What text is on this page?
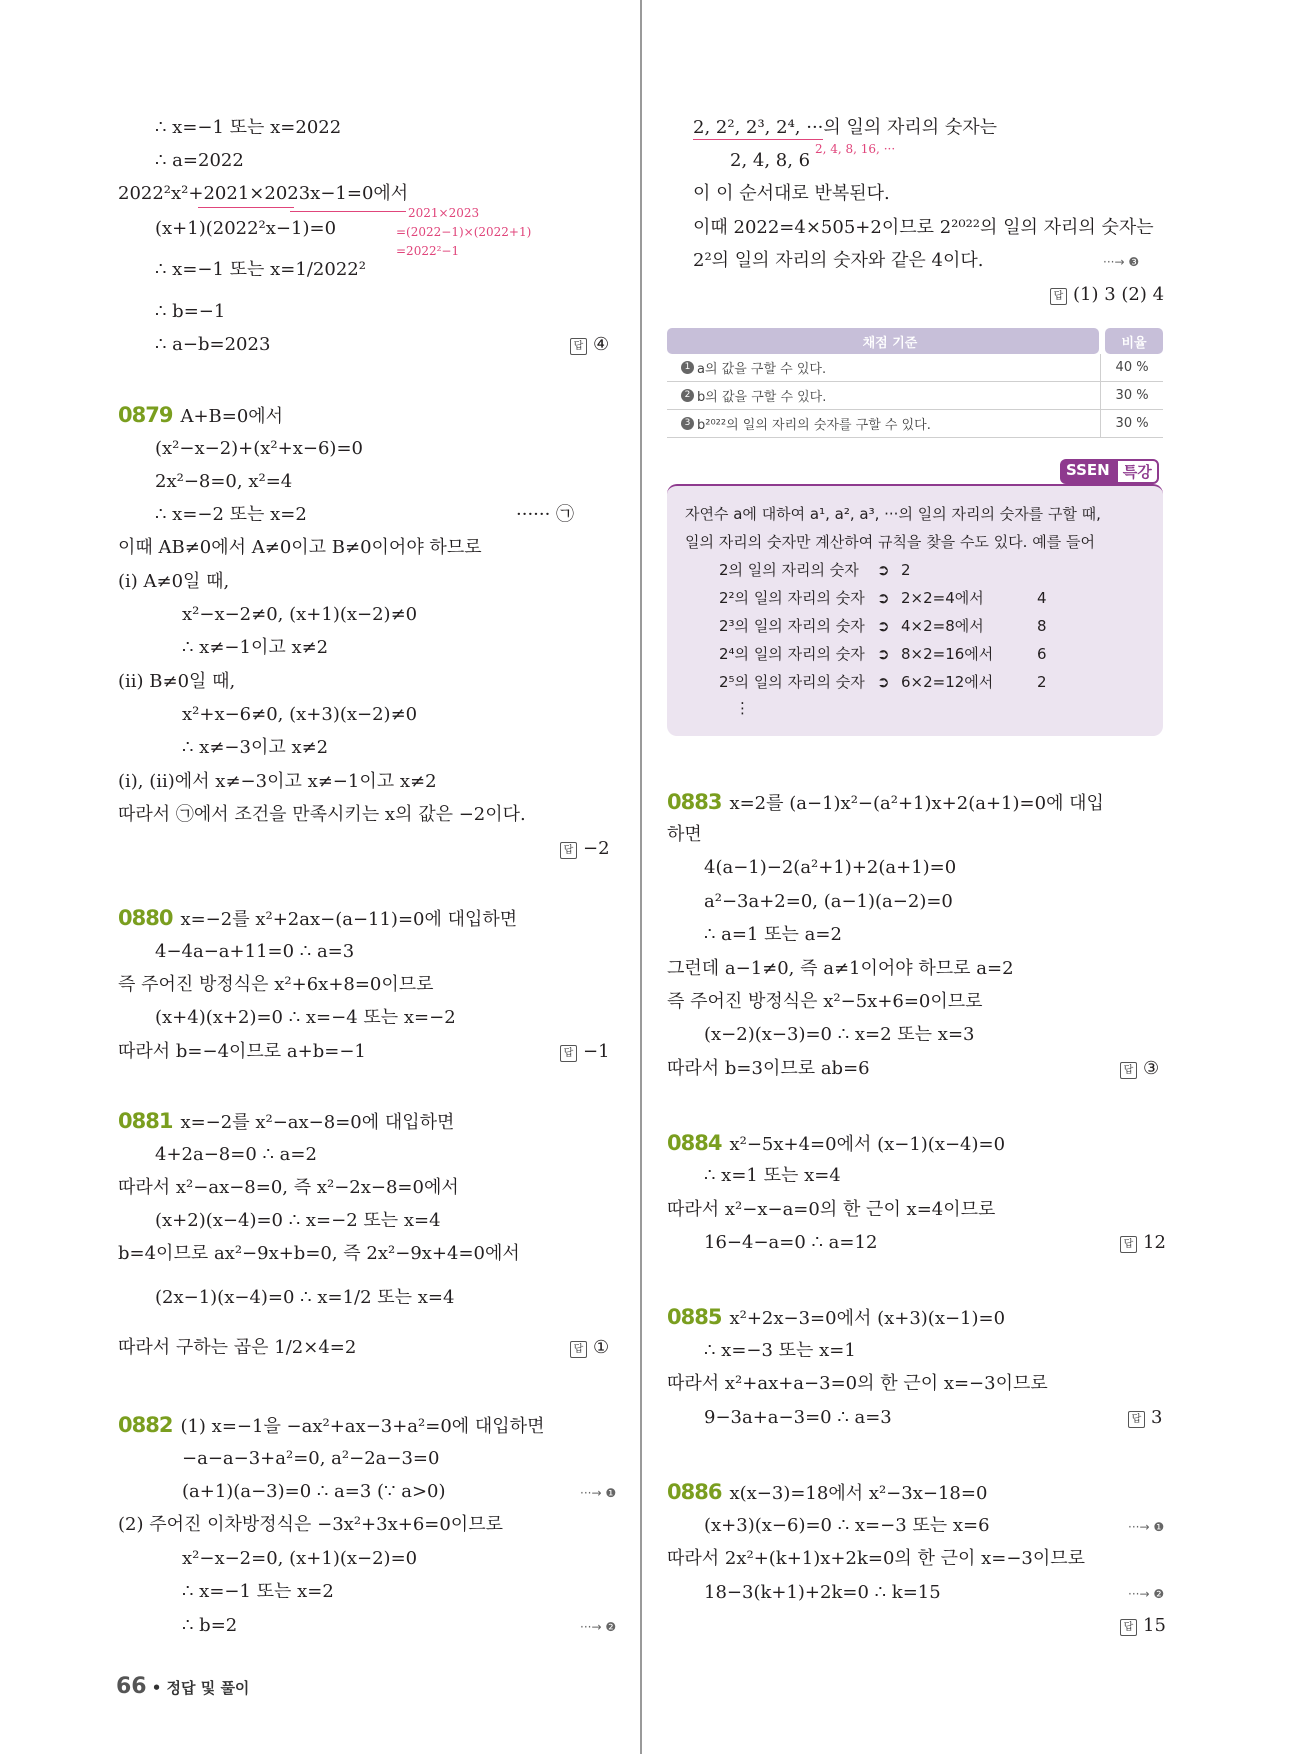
∴ x=−1 또는 x=2022
∴ a=2022
2022²x²+2021×2023x−1=0에서
2021×2023
=(2022−1)×(2022+1)
=2022²−1
(x+1)(2022²x−1)=0
∴ x=−1 또는 x=1/2022²
∴ b=−1
∴ a−b=2023	답 ④
0879 A+B=0에서
(x²−x−2)+(x²+x−6)=0
2x²−8=0, x²=4
∴ x=−2 또는 x=2	······ ㉠
이때 AB≠0에서 A≠0이고 B≠0이어야 하므로
(i) A≠0일 때,
x²−x−2≠0, (x+1)(x−2)≠0
∴ x≠−1이고 x≠2
(ii) B≠0일 때,
x²+x−6≠0, (x+3)(x−2)≠0
∴ x≠−3이고 x≠2
(i), (ii)에서 x≠−3이고 x≠−1이고 x≠2
따라서 ㉠에서 조건을 만족시키는 x의 값은 −2이다.
답 −2
0880 x=−2를 x²+2ax−(a−11)=0에 대입하면
4−4a−a+11=0 ∴ a=3
즉 주어진 방정식은 x²+6x+8=0이므로
(x+4)(x+2)=0 ∴ x=−4 또는 x=−2
따라서 b=−4이므로 a+b=−1	답 −1
0881 x=−2를 x²−ax−8=0에 대입하면
4+2a−8=0 ∴ a=2
따라서 x²−ax−8=0, 즉 x²−2x−8=0에서
(x+2)(x−4)=0 ∴ x=−2 또는 x=4
b=4이므로 ax²−9x+b=0, 즉 2x²−9x+4=0에서
(2x−1)(x−4)=0 ∴ x=1/2 또는 x=4
따라서 구하는 곱은 1/2×4=2	답 ①
0882 (1) x=−1을 −ax²+ax−3+a²=0에 대입하면
−a−a−3+a²=0, a²−2a−3=0
(a+1)(a−3)=0 ∴ a=3 (∵ a>0)	···→ ❶
(2) 주어진 이차방정식은 −3x²+3x+6=0이므로
x²−x−2=0, (x+1)(x−2)=0
∴ x=−1 또는 x=2
∴ b=2	···→ ❷
66 • 정답 및 풀이
2, 2², 2³, 2⁴, ···의 일의 자리의 숫자는
2, 4, 8, 16, ···
2, 4, 8, 6
이 이 순서대로 반복된다.
이때 2022=4×505+2이므로 2²⁰²²의 일의 자리의 숫자는
2²의 일의 자리의 숫자와 같은 4이다.	···→ ❸
답 (1) 3 (2) 4
채점 기준	비율
1 a의 값을 구할 수 있다.	40 %
2 b의 값을 구할 수 있다.	30 %
3 b²⁰²²의 일의 자리의 숫자를 구할 수 있다.	30 %
SSEN 특강
자연수 a에 대하여 a¹, a², a³, ···의 일의 자리의 숫자를 구할 때,
일의 자리의 숫자만 계산하여 규칙을 찾을 수도 있다. 예를 들어
2의 일의 자리의 숫자 ➲ 2
2²의 일의 자리의 숫자 ➲ 2×2=4에서	4
2³의 일의 자리의 숫자 ➲ 4×2=8에서	8
2⁴의 일의 자리의 숫자 ➲ 8×2=16에서	6
2⁵의 일의 자리의 숫자 ➲ 6×2=12에서	2
⋮
0883 x=2를 (a−1)x²−(a²+1)x+2(a+1)=0에 대입
하면
4(a−1)−2(a²+1)+2(a+1)=0
a²−3a+2=0, (a−1)(a−2)=0
∴ a=1 또는 a=2
그런데 a−1≠0, 즉 a≠1이어야 하므로 a=2
즉 주어진 방정식은 x²−5x+6=0이므로
(x−2)(x−3)=0 ∴ x=2 또는 x=3
따라서 b=3이므로 ab=6	답 ③
0884 x²−5x+4=0에서 (x−1)(x−4)=0
∴ x=1 또는 x=4
따라서 x²−x−a=0의 한 근이 x=4이므로
16−4−a=0 ∴ a=12	답 12
0885 x²+2x−3=0에서 (x+3)(x−1)=0
∴ x=−3 또는 x=1
따라서 x²+ax+a−3=0의 한 근이 x=−3이므로
9−3a+a−3=0 ∴ a=3	답 3
0886 x(x−3)=18에서 x²−3x−18=0
(x+3)(x−6)=0 ∴ x=−3 또는 x=6	···→ ❶
따라서 2x²+(k+1)x+2k=0의 한 근이 x=−3이므로
18−3(k+1)+2k=0 ∴ k=15	···→ ❷
답 15
